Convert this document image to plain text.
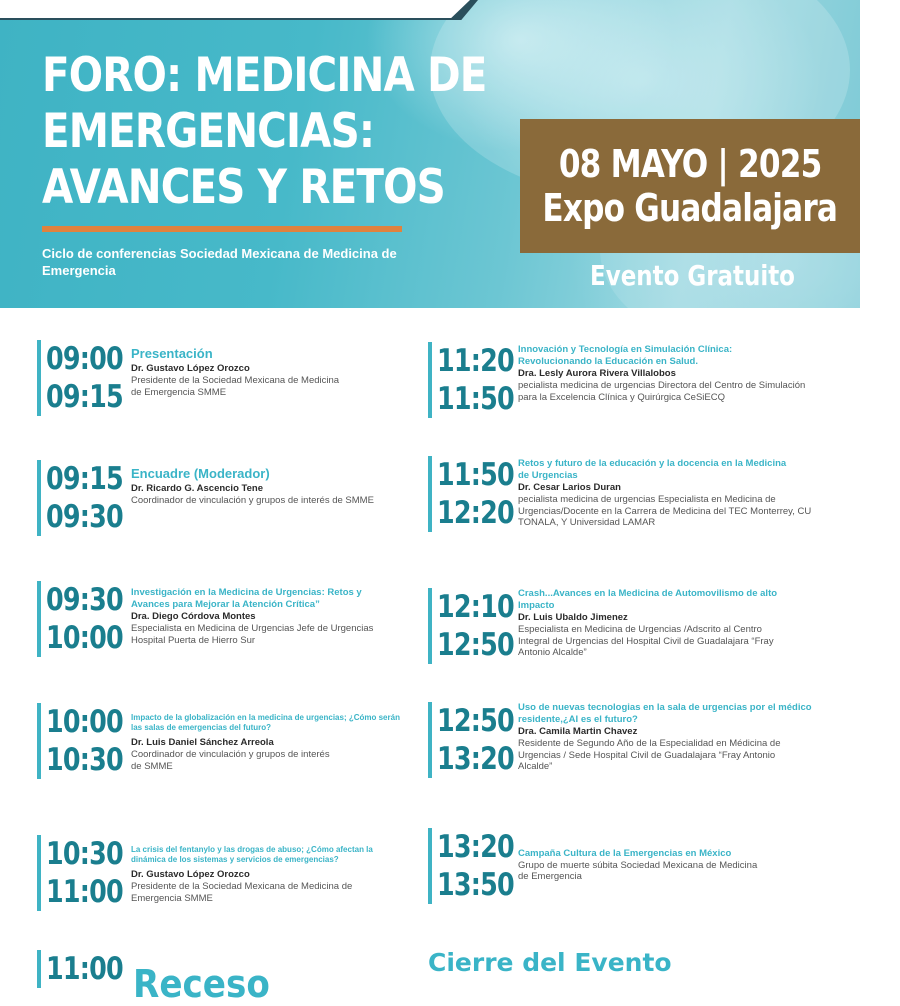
FORO: MEDICINA DE
EMERGENCIAS:
AVANCES Y RETOS

Ciclo de conferencias Sociedad Mexicana de Medicina de Emergencia

08 MAYO | 2025
Expo Guadalajara
Evento Gratuito
09:00
09:15
Presentación
Dr. Gustavo López Orozco
Presidente de la Sociedad Mexicana de Medicina de Emergencia SMME
09:15
09:30
Encuadre (Moderador)
Dr. Ricardo G. Ascencio Tene
Coordinador de vinculación y grupos de interés de SMME
09:30
10:00
Investigación en la Medicina de Urgencias: Retos y Avances para Mejorar la Atención Crítica”
Dra. Diego Córdova Montes
Especialista en Medicina de Urgencias Jefe de Urgencias Hospital Puerta de Hierro Sur
10:00
10:30
Impacto de la globalización en la medicina de urgencias; ¿Cómo serán las salas de emergencias del futuro?
Dr. Luis Daniel Sánchez Arreola
Coordinador de vinculación y grupos de interés de SMME
10:30
11:00
La crisis del fentanylo y las drogas de abuso; ¿Cómo afectan la dinámica de los sistemas y servicios de emergencias?
Dr. Gustavo López Orozco
Presidente de la Sociedad Mexicana de Medicina de Emergencia SMME
11:20
11:50
Innovación y Tecnología en Simulación Clínica: Revolucionando la Educación en Salud.
Dra. Lesly Aurora Rivera Villalobos
pecialista medicina de urgencias Directora del Centro de Simulación para la Excelencia Clínica y Quirúrgica CeSiECQ
11:50
12:20
Retos y futuro de la educación y la docencia en la Medicina de Urgencias
Dr. Cesar Larios Duran
pecialista medicina de urgencias Especialista en Medicina de Urgencias/Docente en la Carrera de Medicina del TEC Monterrey, CU TONALA, Y Universidad LAMAR
12:10
12:50
Crash...Avances en la Medicina de Automovilismo de alto Impacto
Dr. Luis Ubaldo Jimenez
Especialista en Medicina de Urgencias /Adscrito al Centro Integral de Urgencias del Hospital Civil de Guadalajara “Fray Antonio Alcalde”
12:50
13:20
Uso de nuevas tecnologias en la sala de urgencias por el médico residente,¿AI es el futuro?
Dra. Camila Martin Chavez
Residente de Segundo Año de la Especialidad en Médicina de Urgencias / Sede Hospital Civil de Guadalajara “Fray Antonio Alcalde”
13:20
13:50
Campaña Cultura de la Emergencias en México
Grupo de muerte súbita Sociedad Mexicana de Medicina de Emergencia
11:00 Receso	Cierre del Evento
